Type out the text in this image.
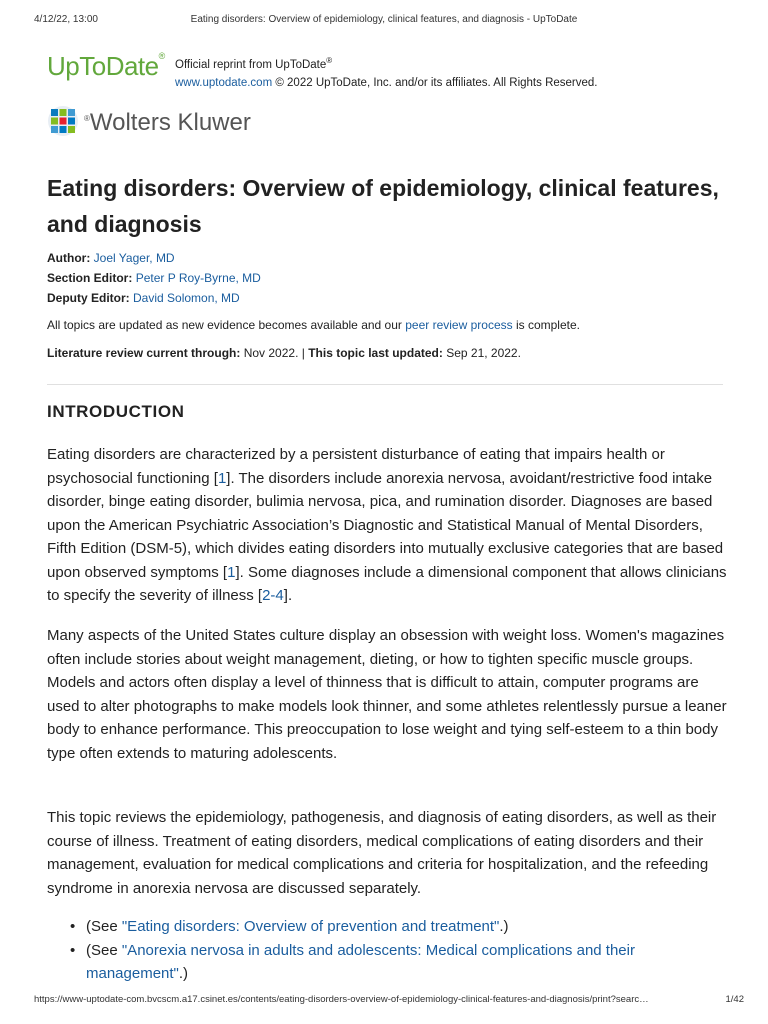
4/12/22, 13:00	Eating disorders: Overview of epidemiology, clinical features, and diagnosis - UpToDate
UpToDate®
Official reprint from UpToDate®
www.uptodate.com © 2022 UpToDate, Inc. and/or its affiliates. All Rights Reserved.
®Wolters Kluwer
Eating disorders: Overview of epidemiology, clinical features, and diagnosis
Author: Joel Yager, MD
Section Editor: Peter P Roy-Byrne, MD
Deputy Editor: David Solomon, MD
All topics are updated as new evidence becomes available and our peer review process is complete.
Literature review current through: Nov 2022. | This topic last updated: Sep 21, 2022.
INTRODUCTION

Eating disorders are characterized by a persistent disturbance of eating that impairs health or psychosocial functioning [1]. The disorders include anorexia nervosa, avoidant/restrictive food intake disorder, binge eating disorder, bulimia nervosa, pica, and rumination disorder. Diagnoses are based upon the American Psychiatric Association’s Diagnostic and Statistical Manual of Mental Disorders, Fifth Edition (DSM-5), which divides eating disorders into mutually exclusive categories that are based upon observed symptoms [1]. Some diagnoses include a dimensional component that allows clinicians to specify the severity of illness [2-4].

Many aspects of the United States culture display an obsession with weight loss. Women's magazines often include stories about weight management, dieting, or how to tighten specific muscle groups. Models and actors often display a level of thinness that is difficult to attain, computer programs are used to alter photographs to make models look thinner, and some athletes relentlessly pursue a leaner body to enhance performance. This preoccupation to lose weight and tying self-esteem to a thin body type often extends to maturing adolescents.

This topic reviews the epidemiology, pathogenesis, and diagnosis of eating disorders, as well as their course of illness. Treatment of eating disorders, medical complications of eating disorders and their management, evaluation for medical complications and criteria for hospitalization, and the refeeding syndrome in anorexia nervosa are discussed separately.

• (See "Eating disorders: Overview of prevention and treatment".)
• (See "Anorexia nervosa in adults and adolescents: Medical complications and their management".)
https://www-uptodate-com.bvcscm.a17.csinet.es/contents/eating-disorders-overview-of-epidemiology-clinical-features-and-diagnosis/print?searc…	1/42
